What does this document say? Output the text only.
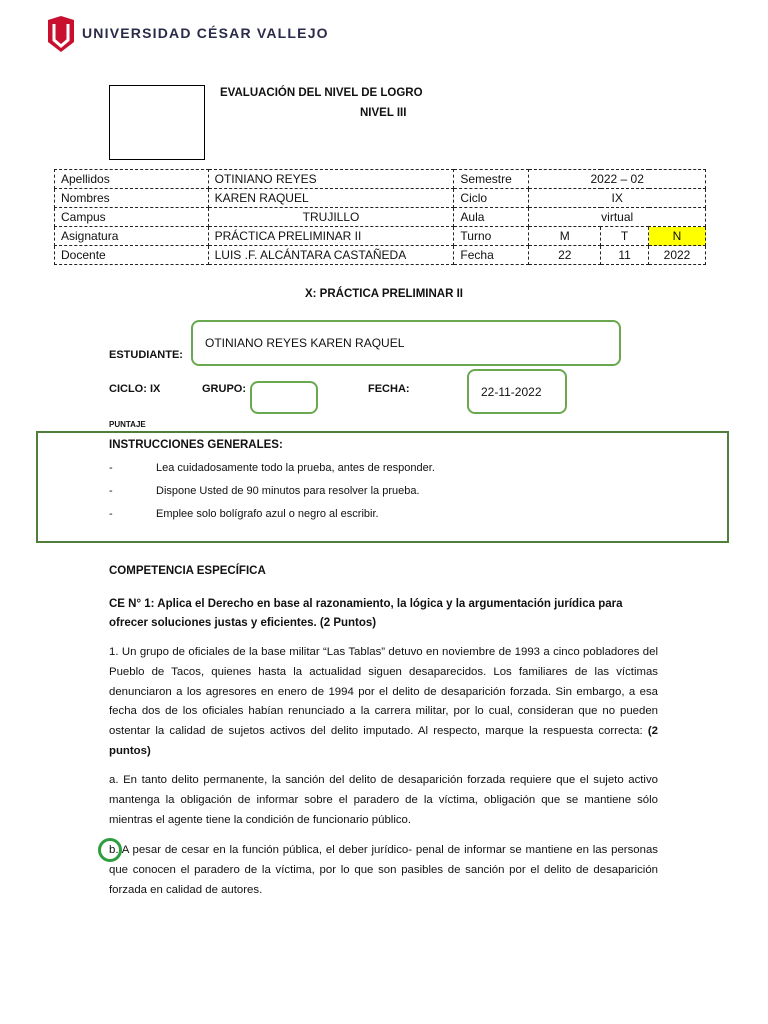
UNIVERSIDAD CÉSAR VALLEJO
EVALUACIÓN DEL NIVEL DE LOGRO
NIVEL III
Apellidos	OTINIANO REYES	Semestre	2022 – 02		
Nombres	KAREN RAQUEL	Ciclo	IX		
Campus	TRUJILLO	Aula	virtual		
Asignatura	PRÁCTICA PRELIMINAR II	Turno	M	T	N
Docente	LUIS .F. ALCÁNTARA CASTAÑEDA	Fecha	22	11	2022
X: PRÁCTICA PRELIMINAR II
OTINIANO REYES KAREN RAQUEL
ESTUDIANTE:
CICLO: IX	GRUPO:	FECHA:	22-11-2022
PUNTAJE
INSTRUCCIONES GENERALES:
-	Lea cuidadosamente todo la prueba, antes de responder.
-	Dispone Usted de 90 minutos para resolver la prueba.
-	Emplee solo bolígrafo azul o negro al escribir.
COMPETENCIA ESPECÍFICA
CE N° 1: Aplica el Derecho en base al razonamiento, la lógica y la argumentación jurídica para ofrecer soluciones justas y eficientes. (2 Puntos)
1. Un grupo de oficiales de la base militar “Las Tablas” detuvo en noviembre de 1993 a cinco pobladores del Pueblo de Tacos, quienes hasta la actualidad siguen desaparecidos. Los familiares de las víctimas denunciaron a los agresores en enero de 1994 por el delito de desaparición forzada. Sin embargo, a esa fecha dos de los oficiales habían renunciado a la carrera militar, por lo cual, consideran que no pueden ostentar la calidad de sujetos activos del delito imputado. Al respecto, marque la respuesta correcta: (2 puntos)
a. En tanto delito permanente, la sanción del delito de desaparición forzada requiere que el sujeto activo mantenga la obligación de informar sobre el paradero de la víctima, obligación que se mantiene sólo mientras el agente tiene la condición de funcionario público.
b. A pesar de cesar en la función pública, el deber jurídico- penal de informar se mantiene en las personas que conocen el paradero de la víctima, por lo que son pasibles de sanción por el delito de desaparición forzada en calidad de autores.
